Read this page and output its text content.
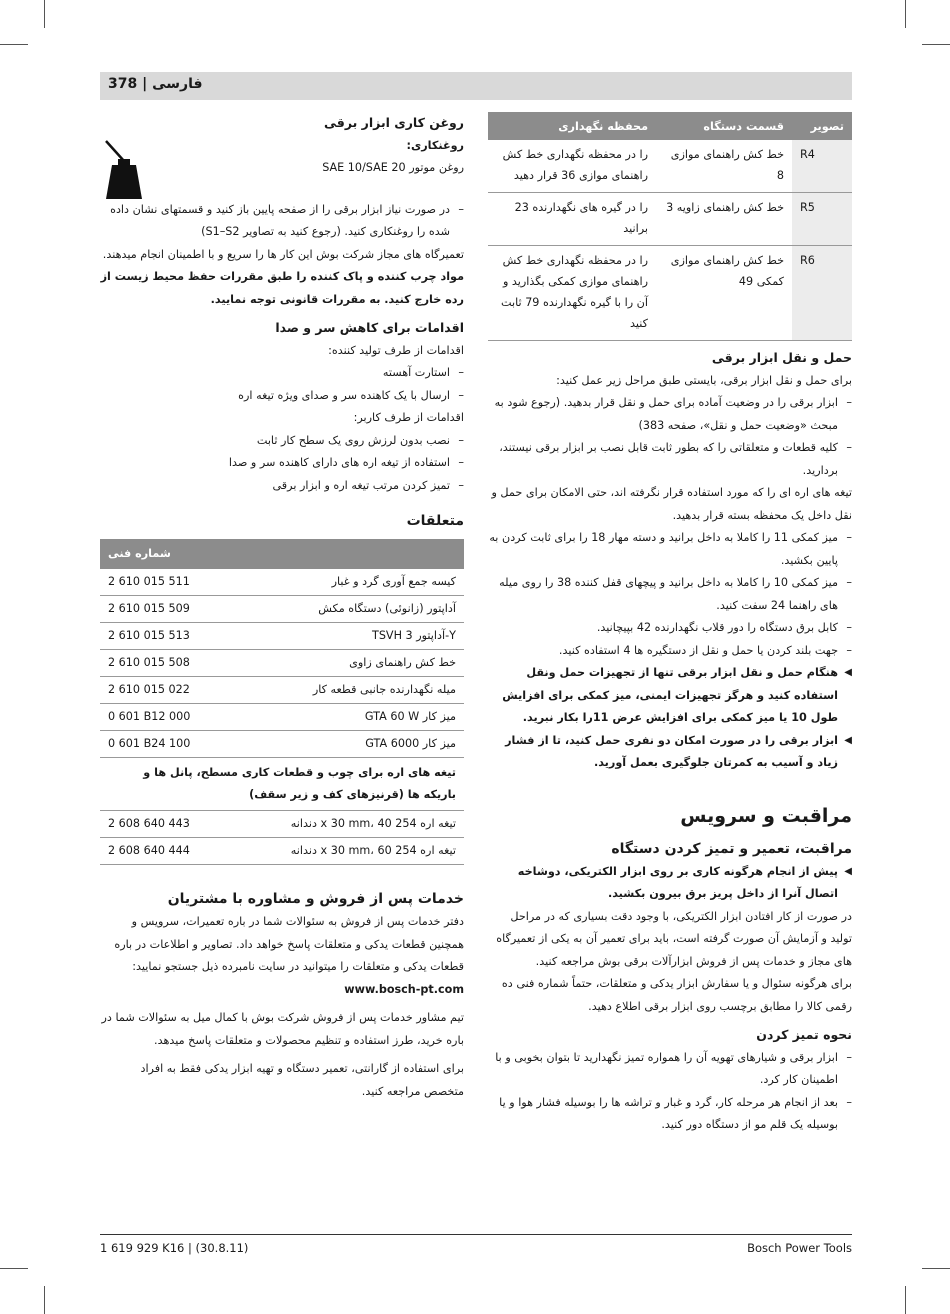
378 | فارسی
تصویر	قسمت دستگاه	محفظه نگهداری
R4	خط کش راهنمای موازی 8	را در محفظه نگهداری خط کش راهنمای موازی 36 قرار دهید
R5	خط کش راهنمای زاویه 3	را در گیره های نگهدارنده 23 برانید
R6	خط کش راهنمای موازی کمکی 49	را در محفظه نگهداری خط کش راهنمای موازی کمکی بگذارید و آن را با گیره نگهدارنده 79 ثابت کنید

حمل و نقل ابزار برقی

برای حمل و نقل ابزار برقی، بایستی طبق مراحل زیر عمل کنید:

– ابزار برقی را در وضعیت آماده برای حمل و نقل قرار بدهید. (رجوع شود به مبحث «وضعیت حمل و نقل»، صفحه 383)

– کلیه قطعات و متعلقاتی را که بطور ثابت قابل نصب بر ابزار برقی نیستند، بردارید.

تیغه های اره ای را که مورد استفاده قرار نگرفته اند، حتی الامکان برای حمل و نقل داخل یک محفظه بسته قرار بدهید.

– میز کمکی 11 را کاملا به داخل برانید و دسته مهار 18 را برای ثابت کردن به پایین بکشید.

– میز کمکی 10 را کاملا به داخل برانید و پیچهای قفل کننده 38 را روی میله های راهنما 24 سفت کنید.

– کابل برق دستگاه را دور قلاب نگهدارنده 42 بپیچانید.

– جهت بلند کردن یا حمل و نقل از دستگیره ها 4 استفاده کنید.

◀ هنگام حمل و نقل ابزار برقی تنها از تجهیزات حمل ونقل استفاده کنید و هرگز تجهیزات ایمنی، میز کمکی برای افزایش طول 10 یا میز کمکی برای افزایش عرض 11را بکار نبرید.

◀ ابزار برقی را در صورت امکان دو نفری حمل کنید، تا از فشار زیاد و آسیب به کمرتان جلوگیری بعمل آورید.

مراقبت و سرویس

مراقبت، تعمیر و تمیز کردن دستگاه

◀ پیش از انجام هرگونه کاری بر روی ابزار الکتریکی، دوشاخه اتصال آنرا از داخل پریز برق بیرون بکشید.

در صورت از کار افتادن ابزار الکتریکی، با وجود دقت بسیاری که در مراحل تولید و آزمایش آن صورت گرفته است، باید برای تعمیر آن به یکی از تعمیرگاه های مجاز و خدمات پس از فروش ابزارآلات برقی بوش مراجعه کنید.

برای هرگونه سئوال و یا سفارش ابزار یدکی و متعلقات، حتماً شماره فنی ده رقمی کالا را مطابق برچسب روی ابزار برقی اطلاع دهید.

نحوه تمیز کردن

– ابزار برقی و شیارهای تهویه آن را همواره تمیز نگهدارید تا بتوان بخوبی و با اطمینان کار کرد.

– بعد از انجام هر مرحله کار، گرد و غبار و تراشه ها را بوسیله فشار هوا و یا بوسیله یک قلم مو از دستگاه دور کنید.

روغن کاری ابزار برقی

روغنکاری:

روغن موتور SAE 10/SAE 20

– در صورت نیاز ابزار برقی را از صفحه پایین باز کنید و قسمتهای نشان داده شده را روغنکاری کنید. (رجوع کنید به تصاویر S1–S2)

تعمیرگاه های مجاز شرکت بوش این کار ها را سریع و با اطمینان انجام میدهند.

مواد چرب کننده و پاک کننده را طبق مقررات حفظ محیط زیست از رده خارج کنید. به مقررات قانونی توجه نمایید.

اقدامات برای کاهش سر و صدا

اقدامات از طرف تولید کننده:

– استارت آهسته

– ارسال با یک کاهنده سر و صدای ویژه تیغه اره

اقدامات از طرف کاربر:

– نصب بدون لرزش روی یک سطح کار ثابت

– استفاده از تیغه اره های دارای کاهنده سر و صدا

– تمیز کردن مرتب تیغه اره و ابزار برقی

متعلقات

	شماره فنی
کیسه جمع آوری گرد و غبار	2 610 015 511
آداپتور (زانوئی) دستگاه مکش	2 610 015 509
Y-آداپتور TSVH 3	2 610 015 513
خط کش راهنمای زاوی	2 610 015 508
میله نگهدارنده جانبی قطعه کار	2 610 015 022
میز کار GTA 60 W	0 601 B12 000
میز کار GTA 6000	0 601 B24 100
تیغه های اره برای چوب و قطعات کاری مسطح، پانل ها و باریکه ها (قرنیزهای کف و زیر سقف)	
تیغه اره 254 x 30 mm، 40 دندانه	2 608 640 443
تیغه اره 254 x 30 mm، 60 دندانه	2 608 640 444

خدمات پس از فروش و مشاوره با مشتریان

دفتر خدمات پس از فروش به سئوالات شما در باره تعمیرات، سرویس و همچنین قطعات یدکی و متعلقات پاسخ خواهد داد. تصاویر و اطلاعات در باره قطعات یدکی و متعلقات را میتوانید در سایت نامبرده ذیل جستجو نمایید:

www.bosch-pt.com

تیم مشاور خدمات پس از فروش شرکت بوش با کمال میل به سئوالات شما در باره خرید، طرز استفاده و تنظیم محصولات و متعلقات پاسخ میدهد.

برای استفاده از گارانتی، تعمیر دستگاه و تهیه ابزار یدکی فقط به افراد متخصص مراجعه کنید.

1 619 929 K16 | (30.8.11)	Bosch Power Tools
